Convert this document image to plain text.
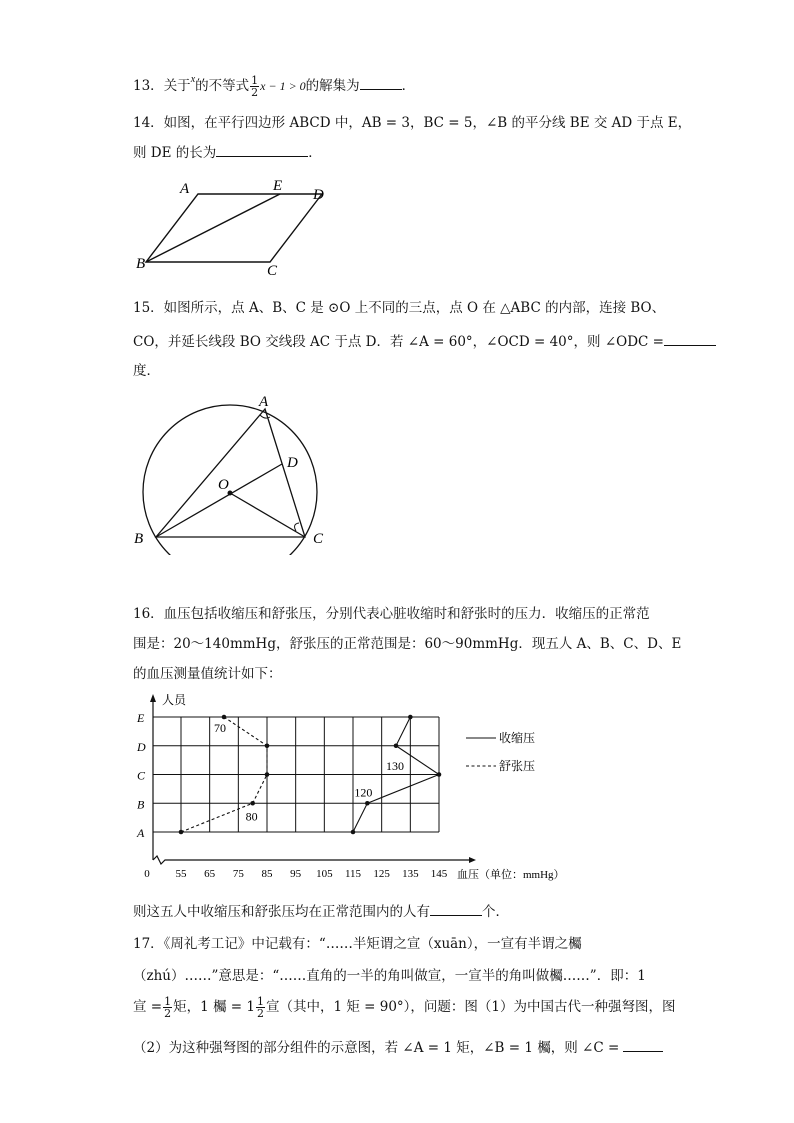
13．关于$^x$的不等式 $\frac{1}{2}$ x − 1 > 0的解集为	．
14．如图，在平行四边形 ABCD 中，AB = 3，BC = 5，∠B 的平分线 BE 交 AD 于点 E，
则 DE 的长为	．
A	E
D
B	C
15．如图所示，点 A、B、C 是 ⊙O 上不同的三点，点 O 在 △ABC 的内部，连接 BO、
CO，并延长线段 BO 交线段 AC 于点 D．若 ∠A = 60°，∠OCD = 40°，则 ∠ODC =
度．
A
B	C
D
O
16．血压包括收缩压和舒张压，分别代表心脏收缩时和舒张时的压力．收缩压的正常范
围是：20～140mmHg，舒张压的正常范围是：60～90mmHg．现五人 A、B、C、D、E
的血压测量值统计如下：
人员
A
B
C
D
E
0 55 65 75 85 95 105 115 125 135 145 血压（单位：mmHg）
70
130
120
80
收缩压
舒张压
则这五人中收缩压和舒张压均在正常范围内的人有	个．
17．《周礼考工记》中记载有：“……半矩谓之宣（xuān），一宣有半谓之欘
（zhú）……”意思是：“……直角的一半的角叫做宣，一宣半的角叫做欘……”．即：1
宣 = $\frac{1}{2}$ 矩，1 欘 = $1 \frac{1}{2}$ 宣（其中，1 矩 = 90°），问题：图（1）为中国古代一种强弩图，图
（2）为这种强弩图的部分组件的示意图，若 ∠A = 1 矩，∠B = 1 欘，则 ∠C =
